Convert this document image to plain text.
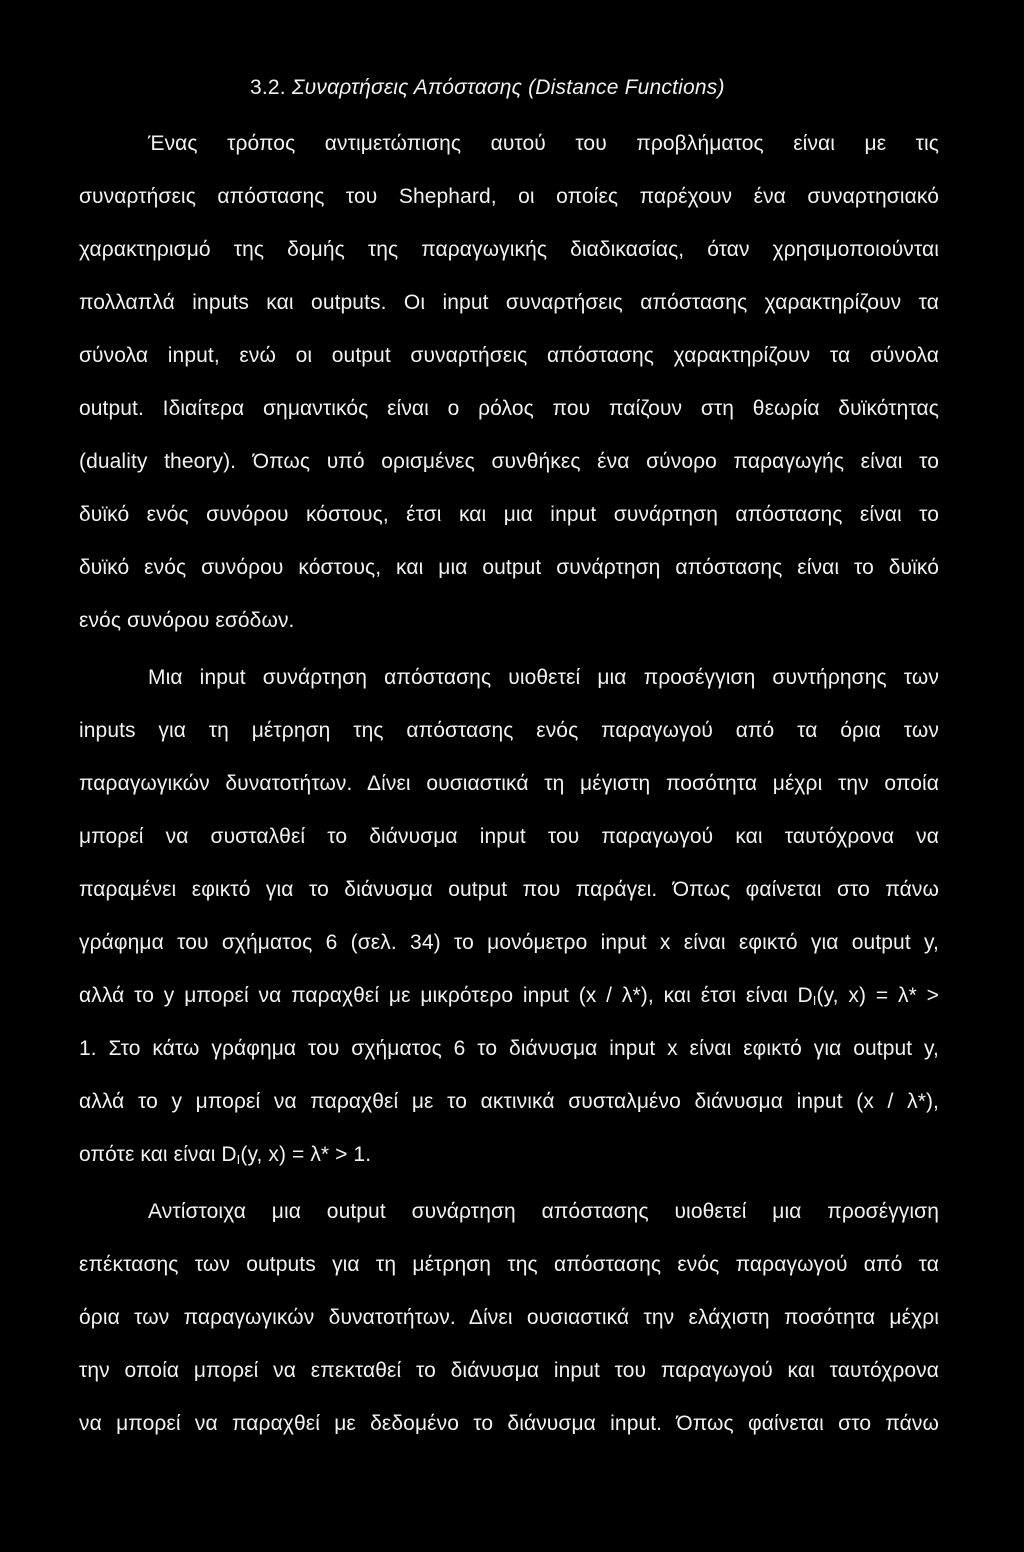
3.2. Συναρτήσεις Απόστασης (Distance Functions)
Ένας τρόπος αντιμετώπισης αυτού του προβλήματος είναι με τις
συναρτήσεις απόστασης του Shephard, οι οποίες παρέχουν ένα συναρτησιακό
χαρακτηρισμό της δομής της παραγωγικής διαδικασίας, όταν χρησιμοποιούνται
πολλαπλά inputs και outputs. Οι input συναρτήσεις απόστασης χαρακτηρίζουν τα
σύνολα input, ενώ οι output συναρτήσεις απόστασης χαρακτηρίζουν τα σύνολα
output. Ιδιαίτερα σημαντικός είναι ο ρόλος που παίζουν στη θεωρία δυϊκότητας
(duality theory). Όπως υπό ορισμένες συνθήκες ένα σύνορο παραγωγής είναι το
δυϊκό ενός συνόρου κόστους, έτσι και μια input συνάρτηση απόστασης είναι το
δυϊκό ενός συνόρου κόστους, και μια output συνάρτηση απόστασης είναι το δυϊκό
ενός συνόρου εσόδων.
Μια input συνάρτηση απόστασης υιοθετεί μια προσέγγιση συντήρησης των
inputs για τη μέτρηση της απόστασης ενός παραγωγού από τα όρια των
παραγωγικών δυνατοτήτων. Δίνει ουσιαστικά τη μέγιστη ποσότητα μέχρι την οποία
μπορεί να συσταλθεί το διάνυσμα input του παραγωγού και ταυτόχρονα να
παραμένει εφικτό για το διάνυσμα output που παράγει. Όπως φαίνεται στο πάνω
γράφημα του σχήματος 6 (σελ. 34) το μονόμετρο input x είναι εφικτό για output y,
αλλά το y μπορεί να παραχθεί με μικρότερο input (x / λ*), και έτσι είναι $D_I(y$, x) = λ* >
1. Στο κάτω γράφημα του σχήματος 6 το διάνυσμα input x είναι εφικτό για output y,
αλλά το y μπορεί να παραχθεί με το ακτινικά συσταλμένο διάνυσμα input (x / λ*),
οπότε και είναι $D_I(y$, x) = λ* > 1.
Αντίστοιχα μια output συνάρτηση απόστασης υιοθετεί μια προσέγγιση
επέκτασης των outputs για τη μέτρηση της απόστασης ενός παραγωγού από τα
όρια των παραγωγικών δυνατοτήτων. Δίνει ουσιαστικά την ελάχιστη ποσότητα μέχρι
την οποία μπορεί να επεκταθεί το διάνυσμα input του παραγωγού και ταυτόχρονα
να μπορεί να παραχθεί με δεδομένο το διάνυσμα input. Όπως φαίνεται στο πάνω
